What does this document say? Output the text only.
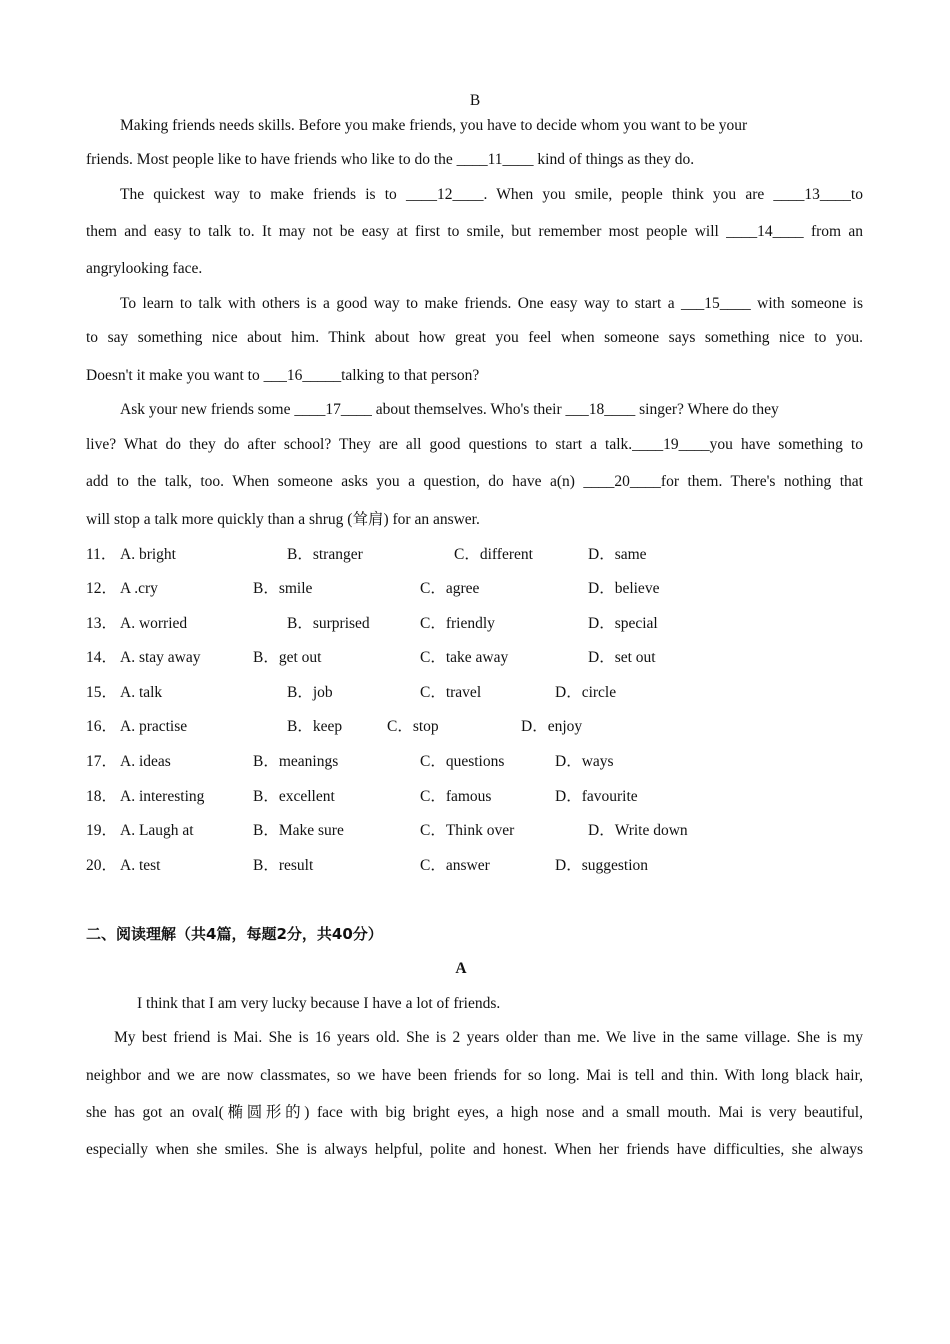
B
Making friends needs skills. Before you make friends, you have to decide whom you want to be your
friends. Most people like to have friends who like to do the ____11____ kind of things as they do.
The quickest way to make friends is to ____12____. When you smile, people think you are ____13____to
them and easy to talk to. It may not be easy at first to smile, but remember most people will ____14____ from an
angrylooking face.
To learn to talk with others is a good way to make friends. One easy way to start a ___15____ with someone is
to say something nice about him. Think about how great you feel when someone says something nice to you.
Doesn't it make you want to ___16_____talking to that person?
Ask your new friends some ____17____ about themselves. Who's their ___18____ singer? Where do they
live? What do they do after school? They are all good questions to start a talk.____19____you have something to
add to the talk, too. When someone asks you a question, do have a(n) ____20____for them. There's nothing that
will stop a talk more quickly than a shrug (耸肩) for an answer.
11． A. bright	B．stranger	C．different	D．same
12． A .cry	B．smile	C．agree	D．believe
13． A. worried	B．surprised	C．friendly	D．special
14． A. stay away	B．get out	C．take away	D．set out
15． A. talk	B．job	C．travel	D．circle
16． A. practise	B．keep	C．stop	D．enjoy
17． A. ideas	B．meanings	C．questions	D．ways
18． A. interesting	B．excellent	C．famous	D．favourite
19． A. Laugh at	B．Make sure	C．Think over	D．Write down
20． A. test	B．result	C．answer	D．suggestion
二、阅读理解（共4篇，每题2分，共40分）
A
I think that I am very lucky because I have a lot of friends.
My best friend is Mai. She is 16 years old. She is 2 years older than me. We live in the same village. She is my
neighbor and we are now classmates, so we have been friends for so long. Mai is tell and thin. With long black hair,
she has got an oval(椭圆形的) face with big bright eyes, a high nose and a small mouth. Mai is very beautiful,
especially when she smiles. She is always helpful, polite and honest. When her friends have difficulties, she always
